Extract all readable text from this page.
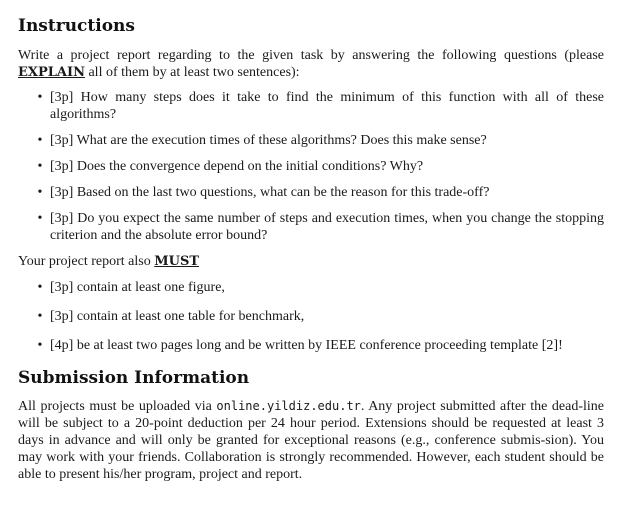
Instructions

Write a project report regarding to the given task by answering the following questions (please EXPLAIN all of them by at least two sentences):

• [3p] How many steps does it take to find the minimum of this function with all of these algorithms?
• [3p] What are the execution times of these algorithms? Does this make sense?
• [3p] Does the convergence depend on the initial conditions? Why?
• [3p] Based on the last two questions, what can be the reason for this trade-off?
• [3p] Do you expect the same number of steps and execution times, when you change the stopping criterion and the absolute error bound?

Your project report also MUST

• [3p] contain at least one figure,
• [3p] contain at least one table for benchmark,
• [4p] be at least two pages long and be written by IEEE conference proceeding template [2]!
Submission Information

All projects must be uploaded via online.yildiz.edu.tr. Any project submitted after the dead-line will be subject to a 20-point deduction per 24 hour period. Extensions should be requested at least 3 days in advance and will only be granted for exceptional reasons (e.g., conference submis-sion). You may work with your friends. Collaboration is strongly recommended. However, each student should be able to present his/her program, project and report.
